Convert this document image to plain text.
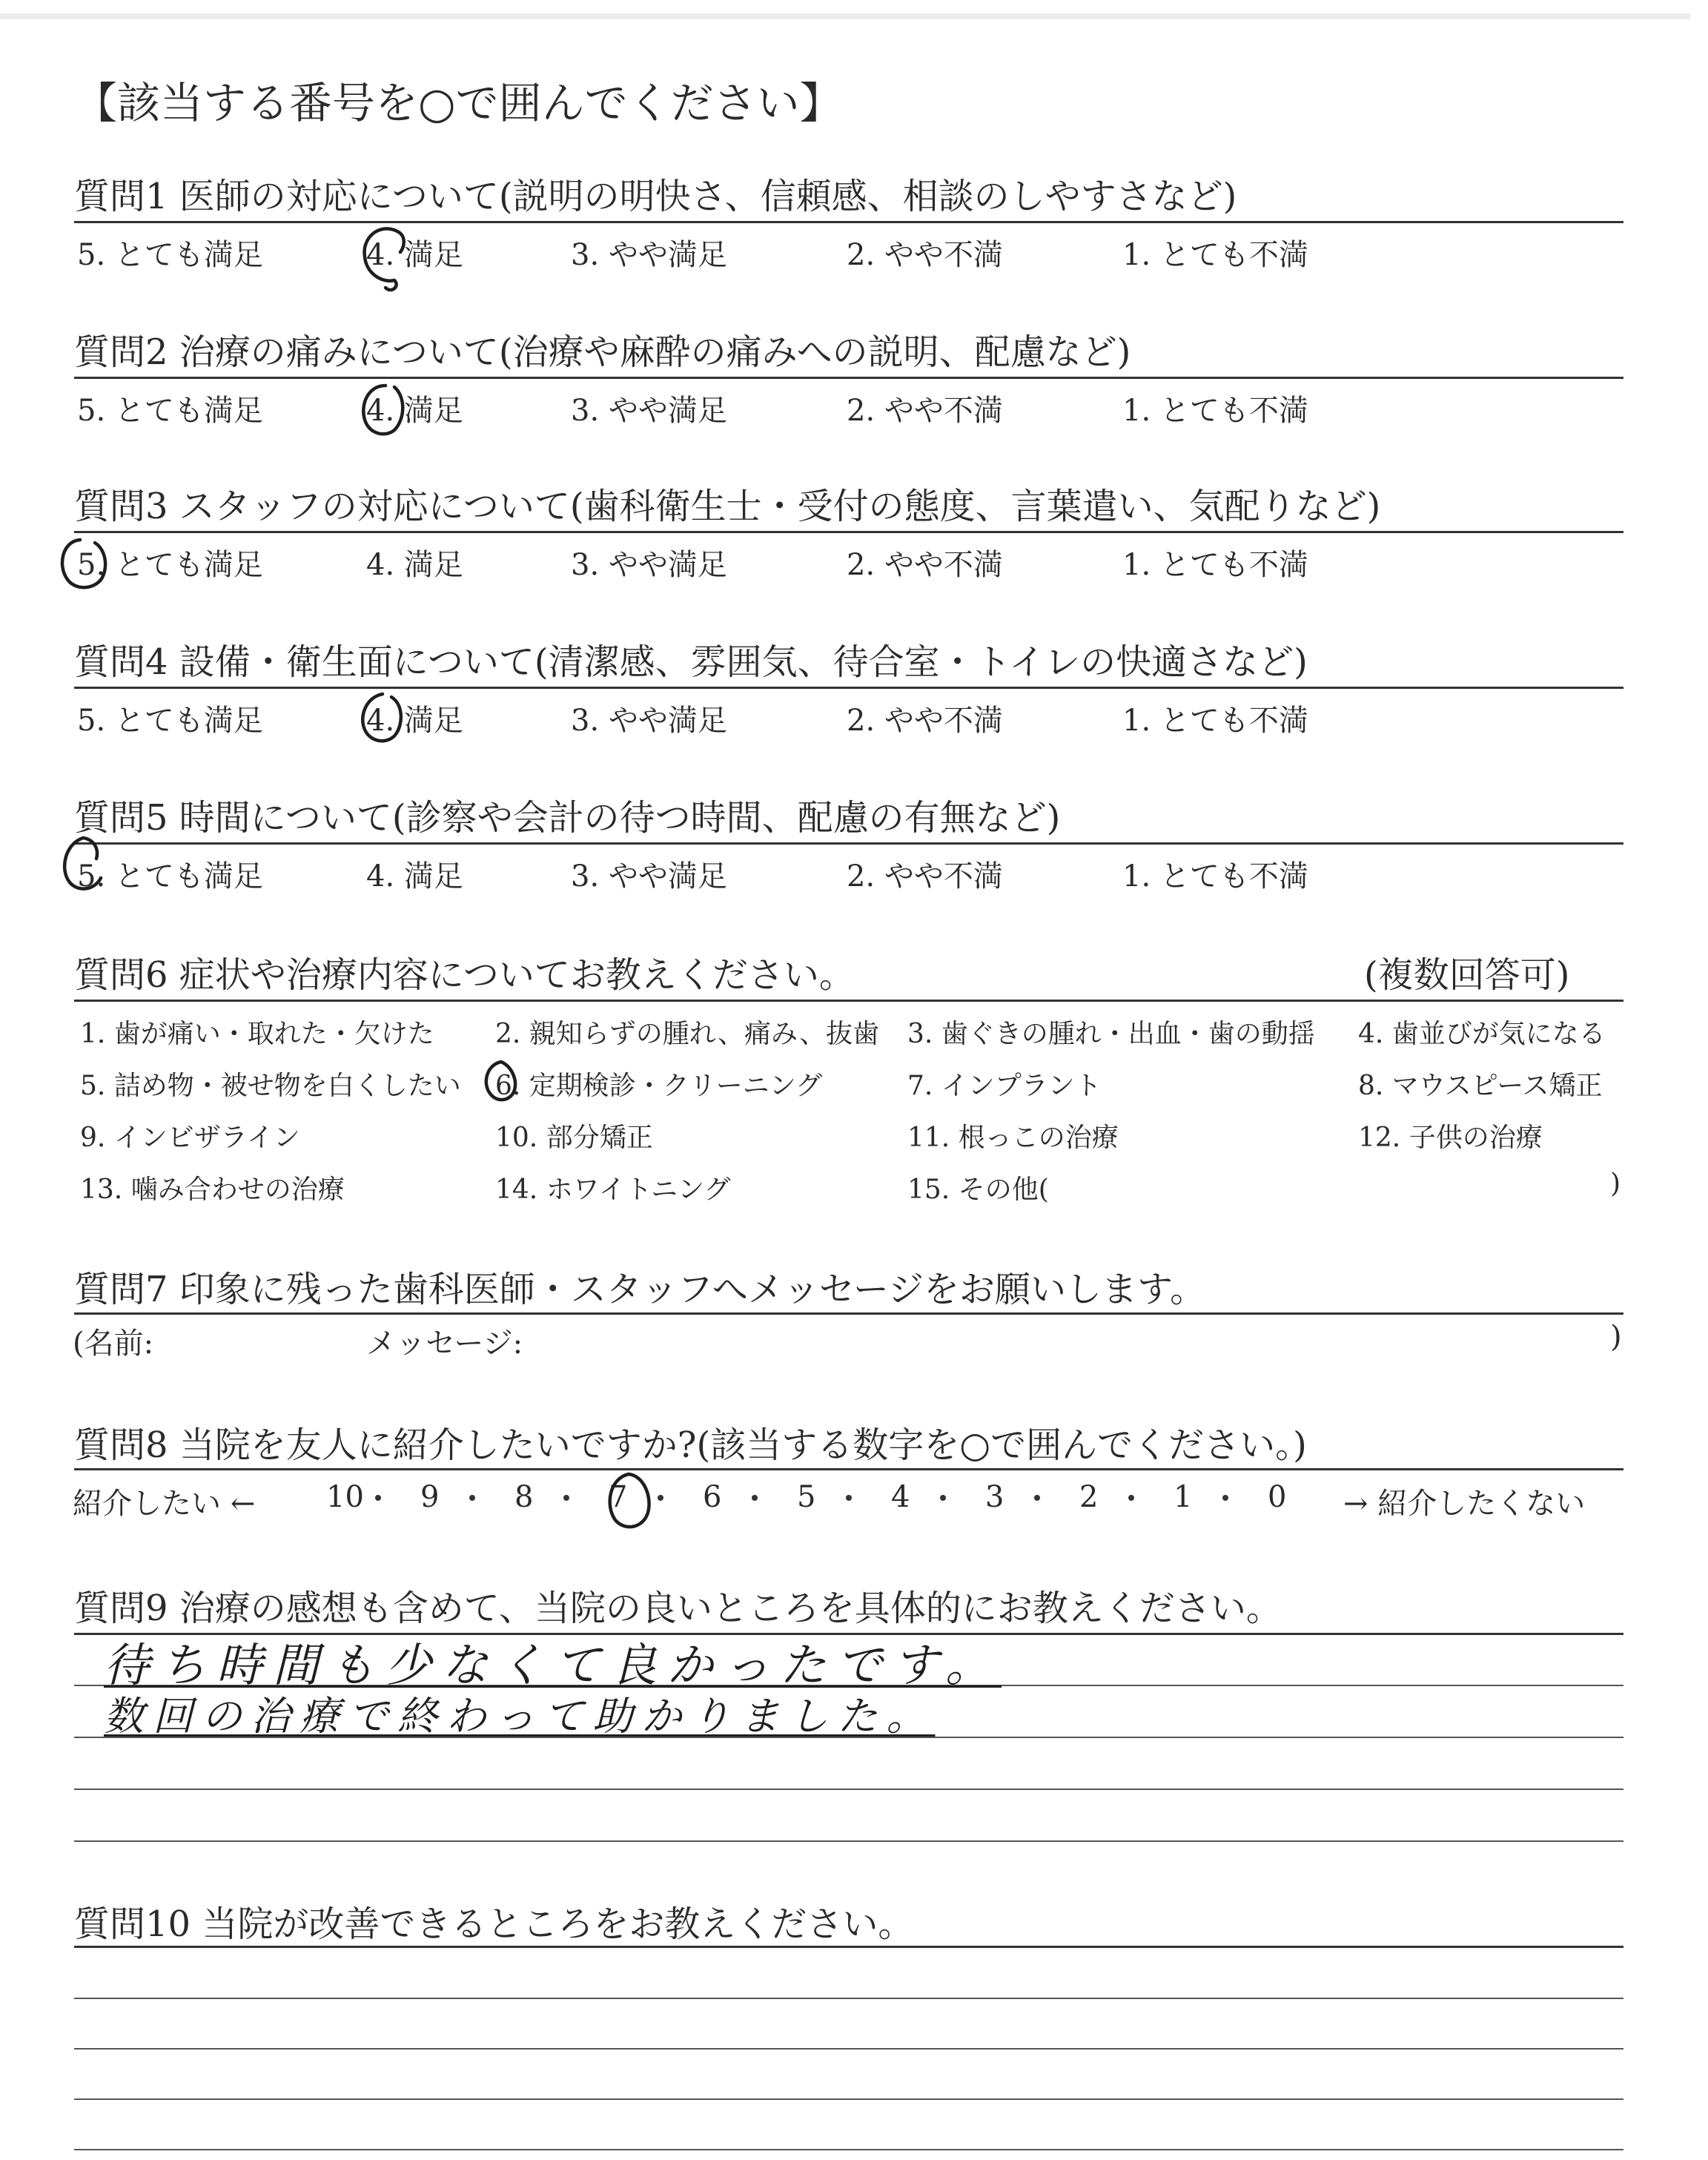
【該当する番号を○で囲んでください】
質問1 医師の対応について(説明の明快さ、信頼感、相談のしやすさなど)
5. とても満足	4. 満足	3. やや満足	2. やや不満	1. とても不満
質問2 治療の痛みについて(治療や麻酔の痛みへの説明、配慮など)
5. とても満足	4. 満足	3. やや満足	2. やや不満	1. とても不満
質問3 スタッフの対応について(歯科衛生士・受付の態度、言葉遣い、気配りなど)
5. とても満足	4. 満足	3. やや満足	2. やや不満	1. とても不満
質問4 設備・衛生面について(清潔感、雰囲気、待合室・トイレの快適さなど)
5. とても満足	4. 満足	3. やや満足	2. やや不満	1. とても不満
質問5 時間について(診察や会計の待つ時間、配慮の有無など)
5. とても満足	4. 満足	3. やや満足	2. やや不満	1. とても不満
質問6 症状や治療内容についてお教えください。	(複数回答可)
1. 歯が痛い・取れた・欠けた 2. 親知らずの腫れ、痛み、抜歯 3. 歯ぐきの腫れ・出血・歯の動揺 4. 歯並びが気になる
5. 詰め物・被せ物を白くしたい 6. 定期検診・クリーニング	7. インプラント	8. マウスピース矯正
9. インビザライン	10. 部分矯正	11. 根っこの治療	12. 子供の治療
13. 噛み合わせの治療	14. ホワイトニング	15. その他(	)
質問7 印象に残った歯科医師・スタッフへメッセージをお願いします。
(名前:	メッセージ:	)
質問8 当院を友人に紹介したいですか?(該当する数字を○で囲んでください。)
紹介したい ← 10 9	8	7	6	5	4	3	2	1	0 → 紹介したくない
質問9 治療の感想も含めて、当院の良いところを具体的にお教えください。
待ち時間も少なくて良かったです。
数回の治療で終わって助かりました。
質問10 当院が改善できるところをお教えください。
